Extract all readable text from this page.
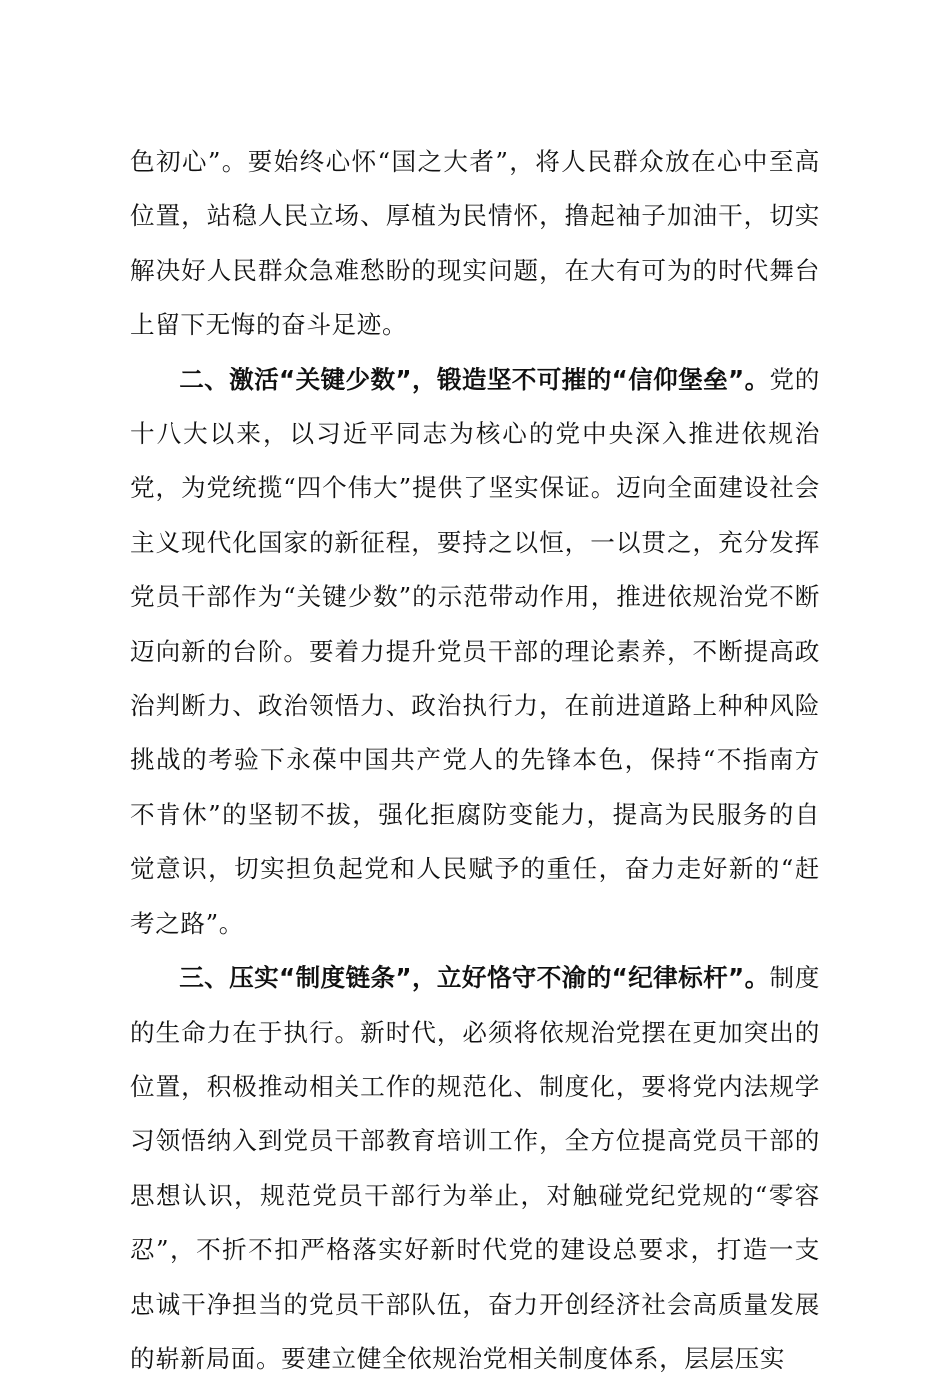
色初心”。要始终心怀“国之大者”，将人民群众放在心中至高位置，站稳人民立场、厚植为民情怀，撸起袖子加油干，切实解决好人民群众急难愁盼的现实问题，在大有可为的时代舞台上留下无悔的奋斗足迹。

二、激活“关键少数”，锻造坚不可摧的“信仰堡垒”。党的十八大以来，以习近平同志为核心的党中央深入推进依规治党，为党统揽“四个伟大”提供了坚实保证。迈向全面建设社会主义现代化国家的新征程，要持之以恒，一以贯之，充分发挥党员干部作为“关键少数”的示范带动作用，推进依规治党不断迈向新的台阶。要着力提升党员干部的理论素养，不断提高政治判断力、政治领悟力、政治执行力，在前进道路上种种风险挑战的考验下永葆中国共产党人的先锋本色，保持“不指南方不肯休”的坚韧不拔，强化拒腐防变能力，提高为民服务的自觉意识，切实担负起党和人民赋予的重任，奋力走好新的“赶考之路”。

三、压实“制度链条”，立好恪守不渝的“纪律标杆”。制度的生命力在于执行。新时代，必须将依规治党摆在更加突出的位置，积极推动相关工作的规范化、制度化，要将党内法规学习领悟纳入到党员干部教育培训工作，全方位提高党员干部的思想认识，规范党员干部行为举止，对触碰党纪党规的“零容忍”，不折不扣严格落实好新时代党的建设总要求，打造一支忠诚干净担当的党员干部队伍，奋力开创经济社会高质量发展的崭新局面。要建立健全依规治党相关制度体系，层层压实
